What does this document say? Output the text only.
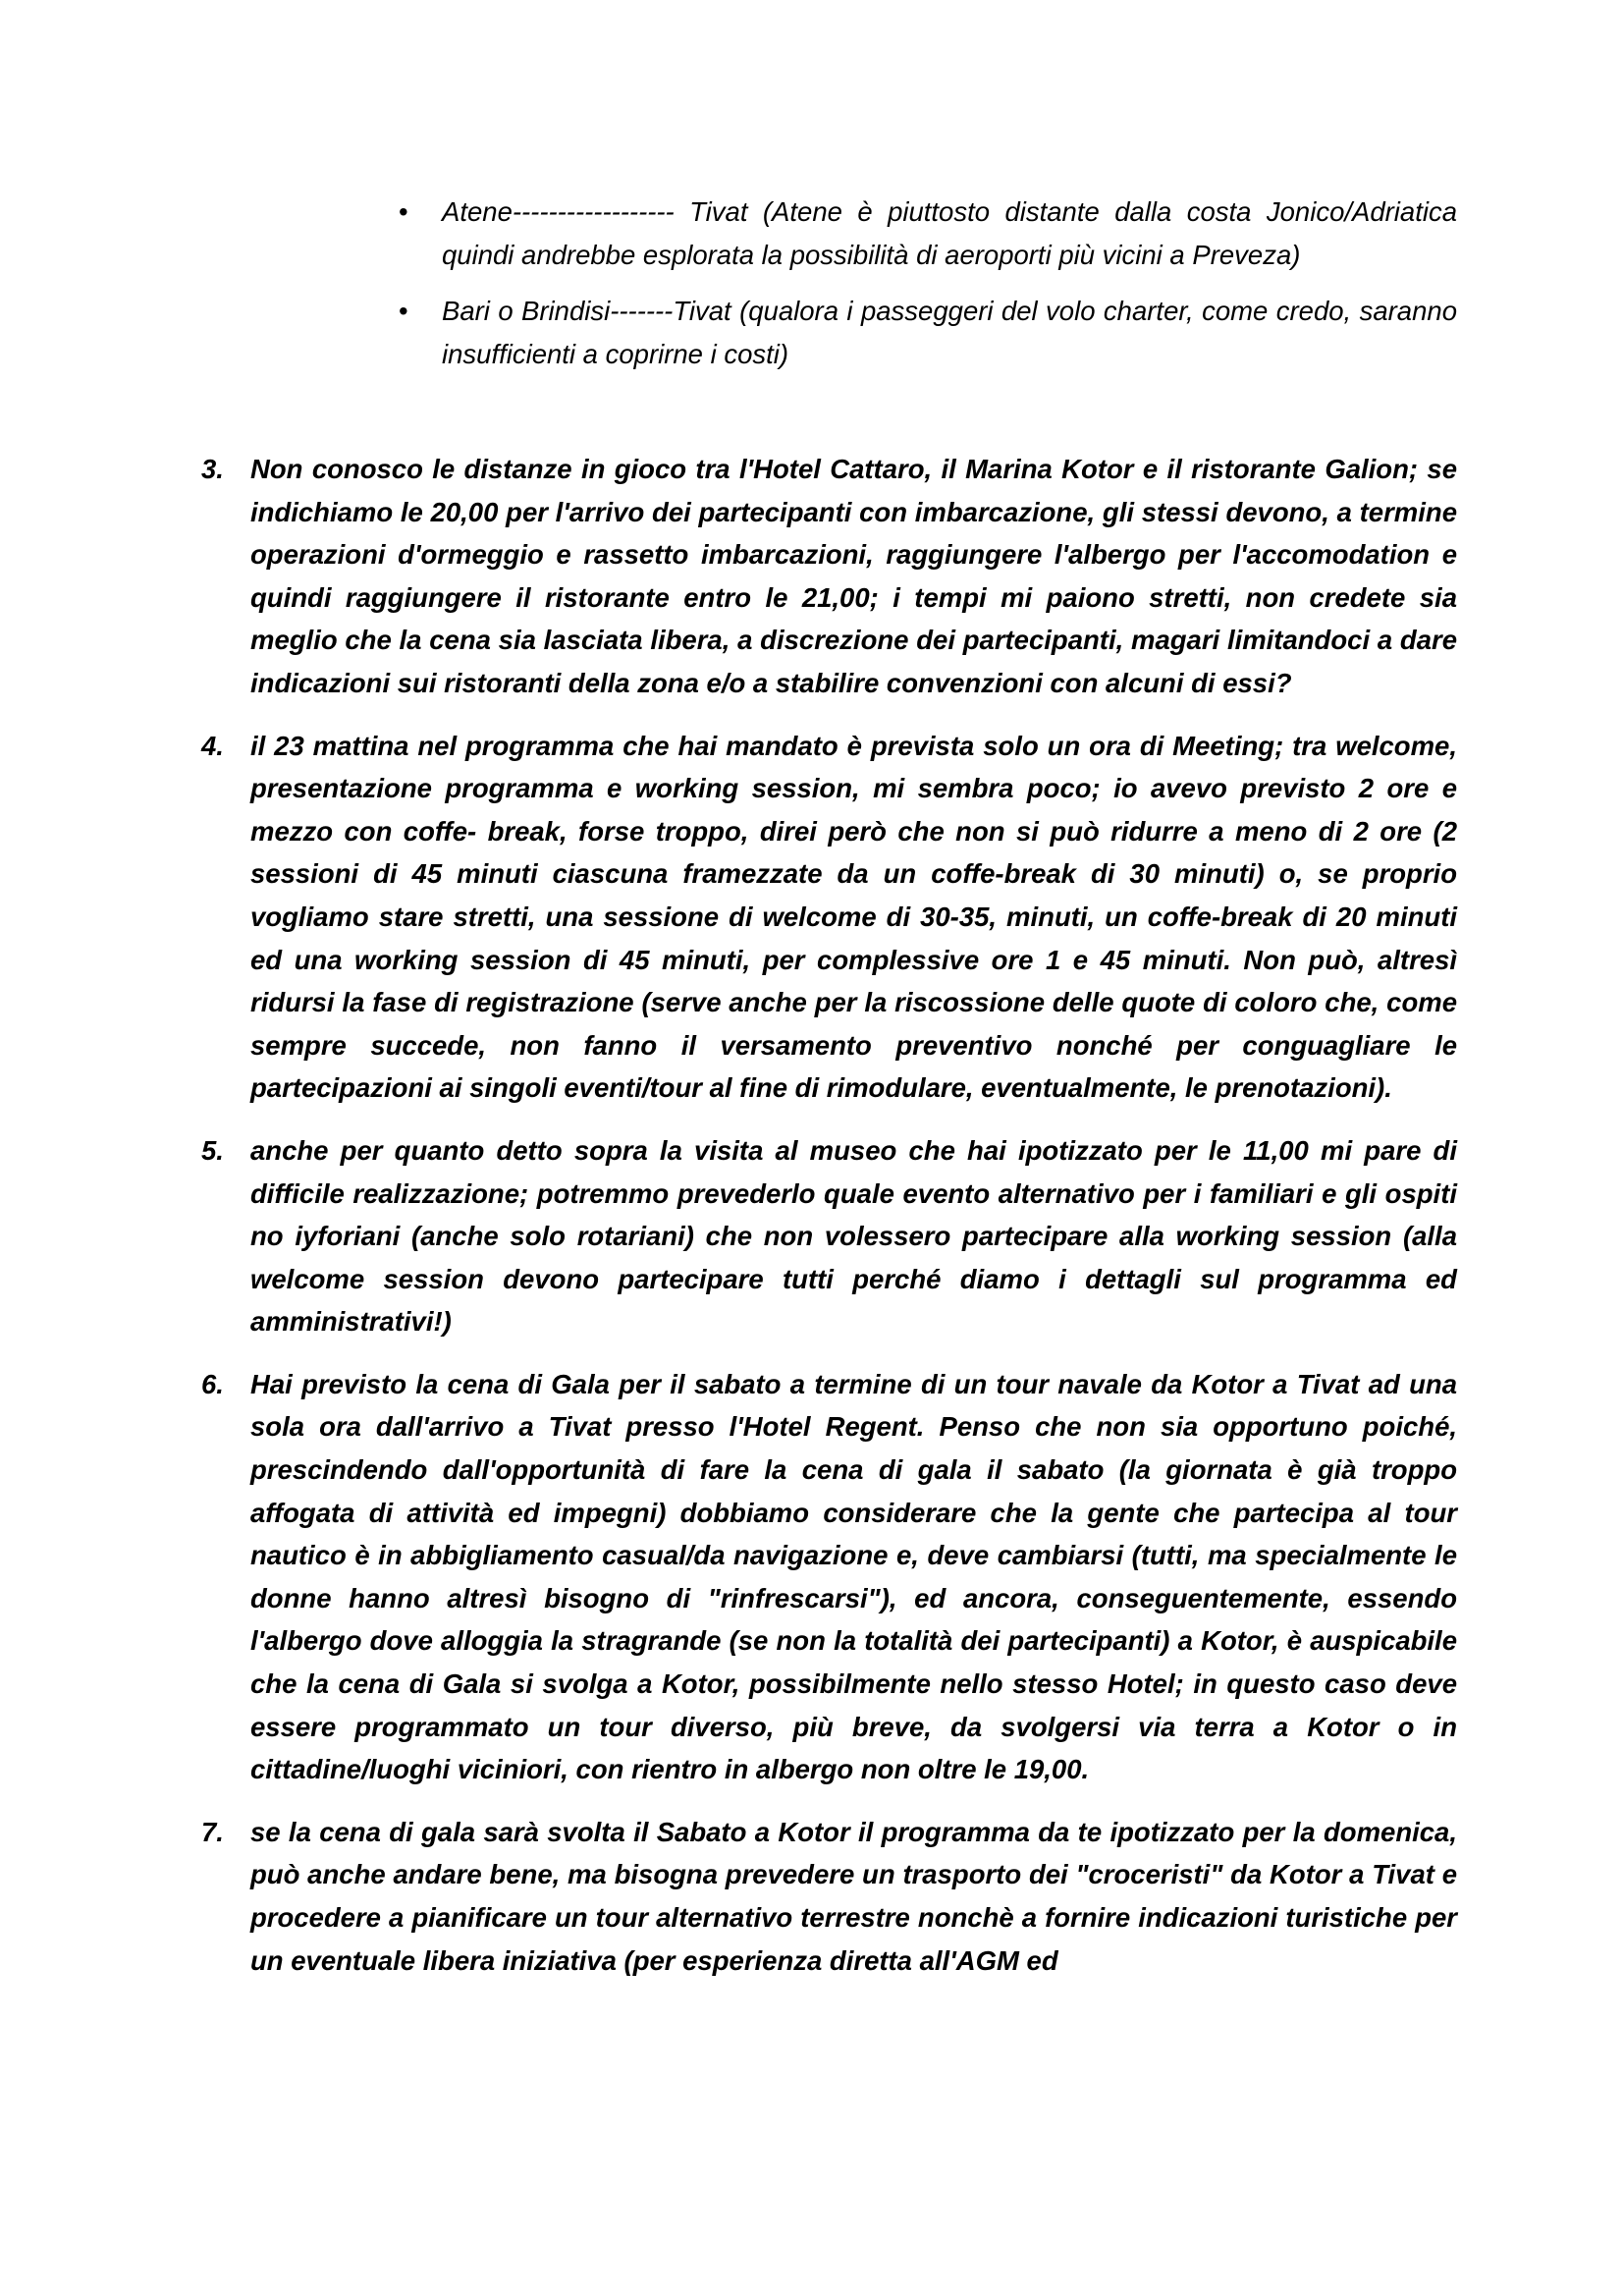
• Atene------------------ Tivat (Atene è piuttosto distante dalla costa Jonico/Adriatica quindi andrebbe esplorata la possibilità di aeroporti più vicini a Preveza)
• Bari o Brindisi-------Tivat (qualora i passeggeri del volo charter, come credo, saranno insufficienti a coprirne i costi)
3. Non conosco le distanze in gioco tra l'Hotel Cattaro, il Marina Kotor e il ristorante Galion; se indichiamo le 20,00 per l'arrivo dei partecipanti con imbarcazione, gli stessi devono, a termine operazioni d'ormeggio e rassetto imbarcazioni, raggiungere l'albergo per l'accomodation e quindi raggiungere il ristorante entro le 21,00; i tempi mi paiono stretti, non credete sia meglio che la cena sia lasciata libera, a discrezione dei partecipanti, magari limitandoci a dare indicazioni sui ristoranti della zona e/o a stabilire convenzioni con alcuni di essi?
4. il 23 mattina nel programma che hai mandato è prevista solo un ora di Meeting; tra welcome, presentazione programma e working session, mi sembra poco; io avevo previsto 2 ore e mezzo con coffe- break, forse troppo, direi però che non si può ridurre a meno di 2 ore (2 sessioni di 45 minuti ciascuna framezzate da un coffe-break di 30 minuti) o, se proprio vogliamo stare stretti, una sessione di welcome di 30-35, minuti, un coffe-break di 20 minuti ed una working session di 45 minuti, per complessive ore 1 e 45 minuti. Non può, altresì ridursi la fase di registrazione (serve anche per la riscossione delle quote di coloro che, come sempre succede, non fanno il versamento preventivo nonché per conguagliare le partecipazioni ai singoli eventi/tour al fine di rimodulare, eventualmente, le prenotazioni).
5. anche per quanto detto sopra la visita al museo che hai ipotizzato per le 11,00 mi pare di difficile realizzazione; potremmo prevederlo quale evento alternativo per i familiari e gli ospiti no iyforiani (anche solo rotariani) che non volessero partecipare alla working session (alla welcome session devono partecipare tutti perché diamo i dettagli sul programma ed amministrativi!)
6. Hai previsto la cena di Gala per il sabato a termine di un tour navale da Kotor a Tivat ad una sola ora dall'arrivo a Tivat presso l'Hotel Regent. Penso che non sia opportuno poiché, prescindendo dall'opportunità di fare la cena di gala il sabato (la giornata è già troppo affogata di attività ed impegni) dobbiamo considerare che la gente che partecipa al tour nautico è in abbigliamento casual/da navigazione e, deve cambiarsi (tutti, ma specialmente le donne hanno altresì bisogno di "rinfrescarsi"), ed ancora, conseguentemente, essendo l'albergo dove alloggia la stragrande (se non la totalità dei partecipanti) a Kotor, è auspicabile che la cena di Gala si svolga a Kotor, possibilmente nello stesso Hotel; in questo caso deve essere programmato un tour diverso, più breve, da svolgersi via terra a Kotor o in cittadine/luoghi viciniori, con rientro in albergo non oltre le 19,00.
7. se la cena di gala sarà svolta il Sabato a Kotor il programma da te ipotizzato per la domenica, può anche andare bene, ma bisogna prevedere un trasporto dei "croceristi" da Kotor a Tivat e procedere a pianificare un tour alternativo terrestre nonchè a fornire indicazioni turistiche per un eventuale libera iniziativa (per esperienza diretta all'AGM ed
